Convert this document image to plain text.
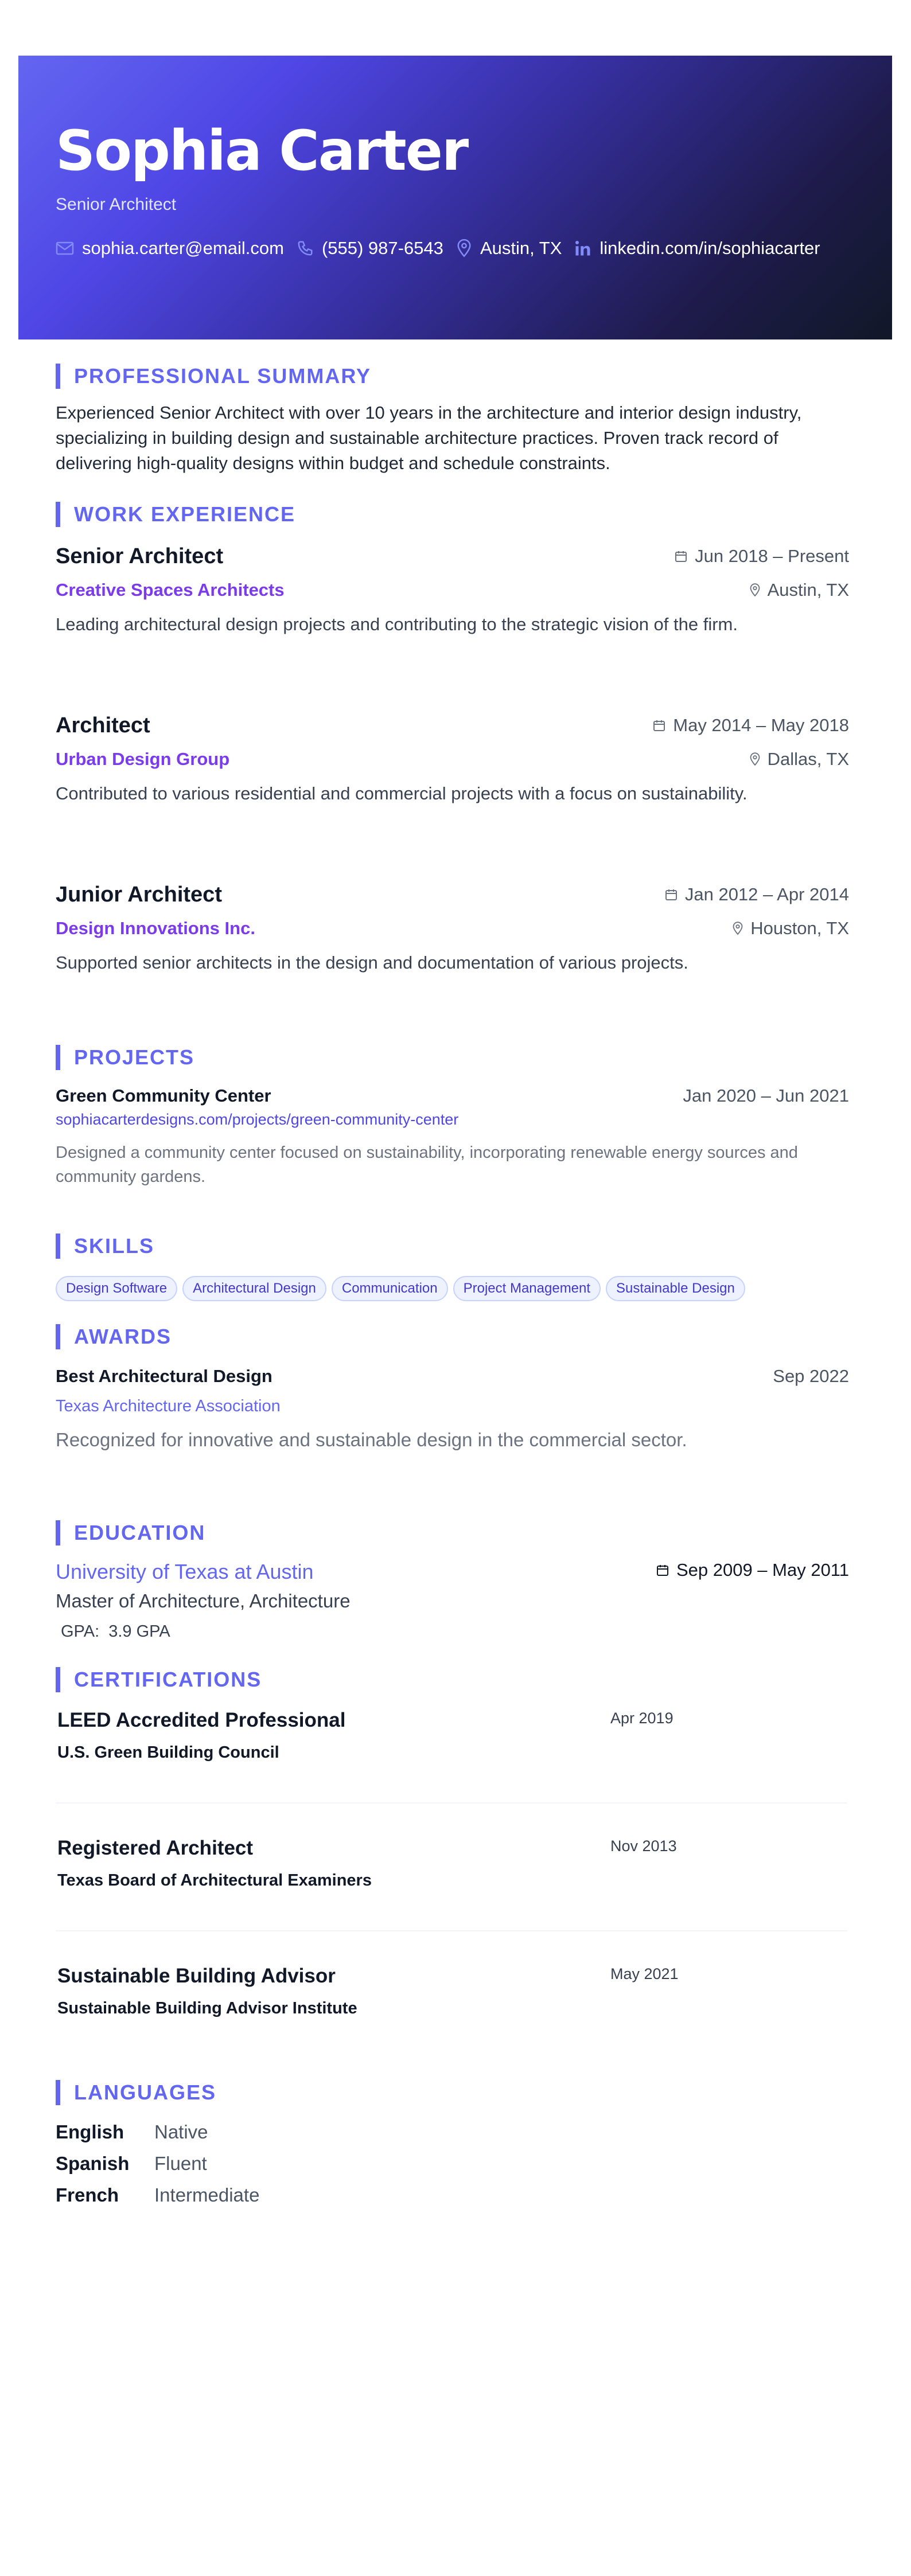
Sophia Carter
Senior Architect
sophia.carter@email.com (555) 987-6543 Austin, TX linkedin.com/in/sophiacarter
PROFESSIONAL SUMMARY
Experienced Senior Architect with over 10 years in the architecture and interior design industry, specializing in building design and sustainable architecture practices. Proven track record of delivering high-quality designs within budget and schedule constraints.
WORK EXPERIENCE
Senior Architect	Jun 2018 – Present
Creative Spaces Architects	Austin, TX
Leading architectural design projects and contributing to the strategic vision of the firm.
Architect	May 2014 – May 2018
Urban Design Group	Dallas, TX
Contributed to various residential and commercial projects with a focus on sustainability.
Junior Architect	Jan 2012 – Apr 2014
Design Innovations Inc.	Houston, TX
Supported senior architects in the design and documentation of various projects.
PROJECTS
Green Community Center	Jan 2020 – Jun 2021
sophiacarterdesigns.com/projects/green-community-center
Designed a community center focused on sustainability, incorporating renewable energy sources and community gardens.
SKILLS
Design Software	Architectural Design	Communication	Project Management	Sustainable Design
AWARDS
Best Architectural Design	Sep 2022
Texas Architecture Association
Recognized for innovative and sustainable design in the commercial sector.
EDUCATION
University of Texas at Austin	Sep 2009 – May 2011
Master of Architecture, Architecture
GPA: 3.9 GPA
CERTIFICATIONS
LEED Accredited Professional	Apr 2019
U.S. Green Building Council
Registered Architect	Nov 2013
Texas Board of Architectural Examiners
Sustainable Building Advisor	May 2021
Sustainable Building Advisor Institute
LANGUAGES
English Native
Spanish Fluent
French Intermediate
